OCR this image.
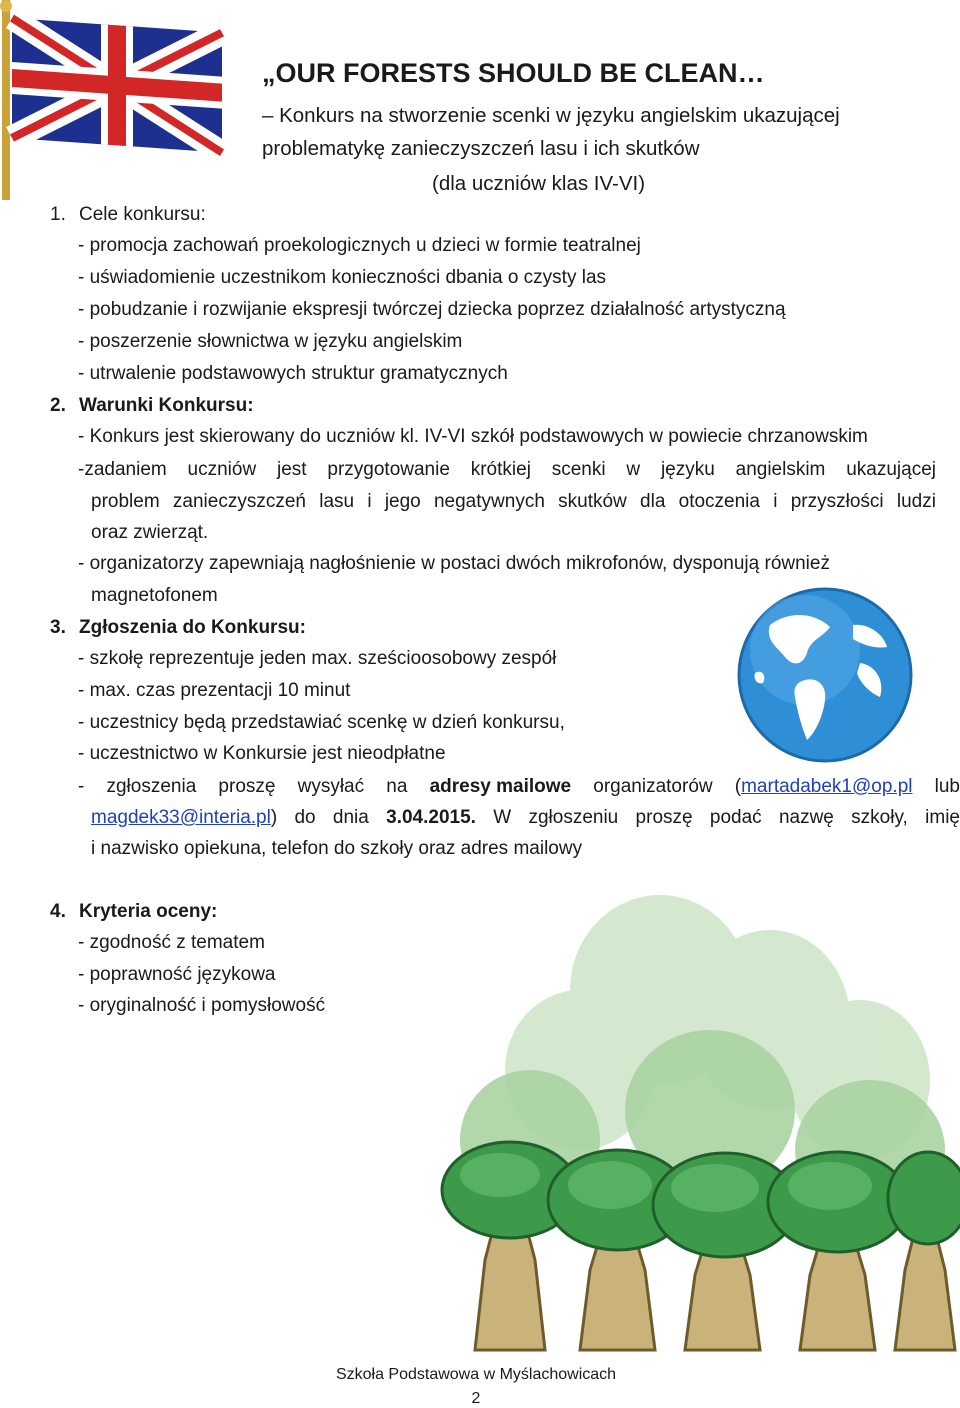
„OUR FORESTS SHOULD BE CLEAN…
– Konkurs na stworzenie scenki w języku angielskim ukazującej
problematykę zanieczyszczeń lasu i ich skutków
(dla uczniów klas IV-VI)
1. Cele konkursu:
- promocja zachowań proekologicznych u dzieci w formie teatralnej
- uświadomienie uczestnikom konieczności dbania o czysty las
- pobudzanie i rozwijanie ekspresji twórczej dziecka poprzez działalność artystyczną
- poszerzenie słownictwa w języku angielskim
- utrwalenie podstawowych struktur gramatycznych
2. Warunki Konkursu:
- Konkurs jest skierowany do uczniów kl. IV-VI szkół podstawowych w powiecie chrzanowskim
-zadaniem uczniów jest przygotowanie krótkiej scenki w języku angielskim ukazującej
problem zanieczyszczeń lasu i jego negatywnych skutków dla otoczenia i przyszłości ludzi
oraz zwierząt.
- organizatorzy zapewniają nagłośnienie w postaci dwóch mikrofonów, dysponują również
magnetofonem
3. Zgłoszenia do Konkursu:
- szkołę reprezentuje jeden max. sześcioosobowy zespół
- max. czas prezentacji 10 minut
- uczestnicy będą przedstawiać scenkę w dzień konkursu,
- uczestnictwo w Konkursie jest nieodpłatne
- zgłoszenia proszę wysyłać na adresy mailowe organizatorów (martadabek1@op.pl lub
magdek33@interia.pl) do dnia 3.04.2015. W zgłoszeniu proszę podać nazwę szkoły, imię
i nazwisko opiekuna, telefon do szkoły oraz adres mailowy
4. Kryteria oceny:
- zgodność z tematem
- poprawność językowa
- oryginalność i pomysłowość
Szkoła Podstawowa w Myślachowicach
2
